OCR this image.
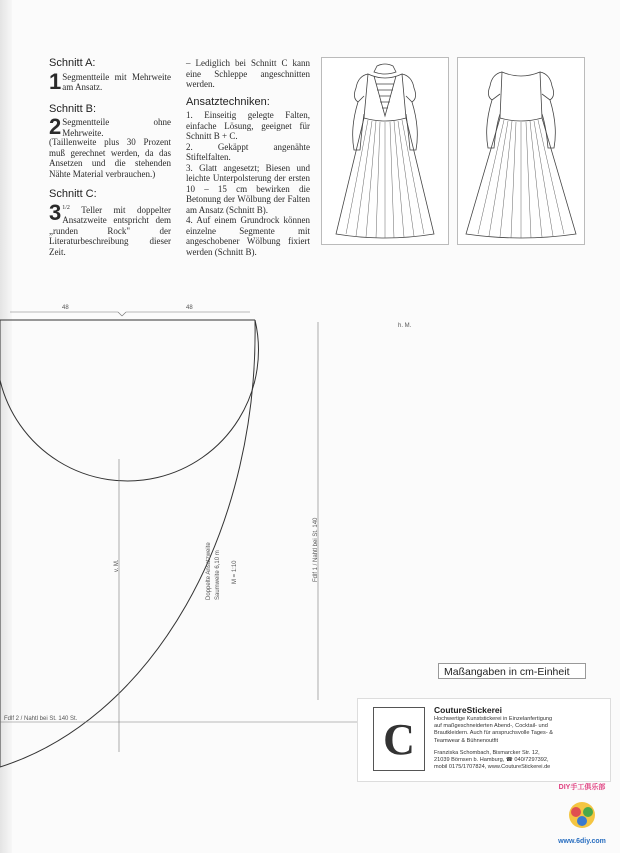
Schnitt A:
1 Segmentteile mit Mehrweite am Ansatz.
Schnitt B:
2 Segmentteile ohne Mehrweite.
(Taillenweite plus 30 Prozent muß gerechnet werden, da das Ansetzen und die stehenden Nähte Material verbrauchen.)
Schnitt C:
3 $^{1/2}$ Teller mit doppelter Ansatzweite entspricht dem „runden Rock" der Literaturbeschreibung dieser Zeit.
– Lediglich bei Schnitt C kann eine Schleppe angeschnitten werden.
Ansatztechniken:
1. Einseitig gelegte Falten, einfache Lösung, geeignet für Schnitt B + C.
2. Gekäppt angenähte Stiftelfalten.
3. Glatt angesetzt; Biesen und leichte Unterpolsterung der ersten 10 – 15 cm bewirken die Betonung der Wölbung der Falten am Ansatz (Schnitt B).
4. Auf einem Grundrock können einzelne Segmente mit angeschobener Wölbung fixiert werden (Schnitt B).
48	48
h. M.
v. M.	Doppelte Ansatzweite Saumweite 6,10 m M = 1:10	Fdlf 1 / Nahtl bei St. 140
Fdlf 2 / Nahtl bei St. 140 St.
Maßangaben in cm-Einheit
C
CoutureStickerei
Hochwertige Kunststickerei in Einzelanfertigung
auf maßgeschneiderten Abend-, Cocktail- und
Brautkleidern. Auch für anspruchsvolle Tages- &
Teamwear & Bühnenoutfit
Franziska Schombach, Bismarcker Str. 12,
21039 Börnsen b. Hamburg, ☎ 040/7297392,
mobil 0175/1707824, www.CoutureStickerei.de
DIY手工俱乐部
www.6diy.com
